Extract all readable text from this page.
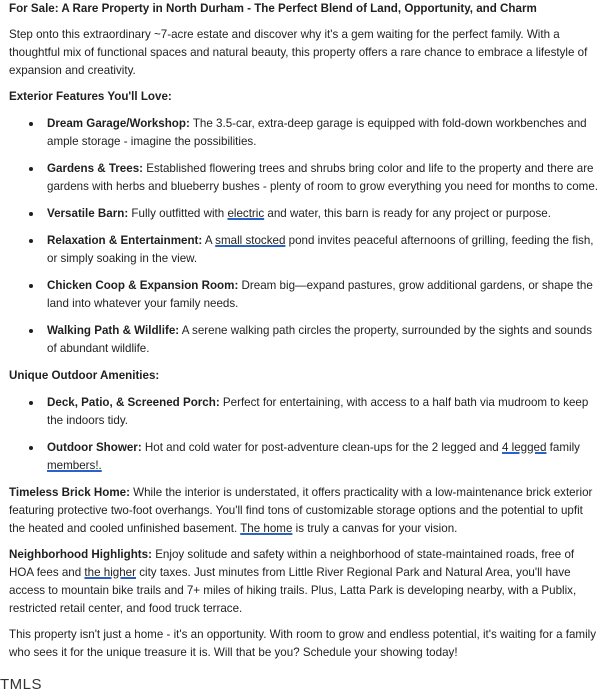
For Sale: A Rare Property in North Durham - The Perfect Blend of Land, Opportunity, and Charm

Step onto this extraordinary ~7-acre estate and discover why it's a gem waiting for the perfect family. With a thoughtful mix of functional spaces and natural beauty, this property offers a rare chance to embrace a lifestyle of expansion and creativity.

Exterior Features You'll Love:
Dream Garage/Workshop: The 3.5-car, extra-deep garage is equipped with fold-down workbenches and ample storage - imagine the possibilities.
Gardens & Trees: Established flowering trees and shrubs bring color and life to the property and there are gardens with herbs and blueberry bushes - plenty of room to grow everything you need for months to come.
Versatile Barn: Fully outfitted with electric and water, this barn is ready for any project or purpose.
Relaxation & Entertainment: A small stocked pond invites peaceful afternoons of grilling, feeding the fish, or simply soaking in the view.
Chicken Coop & Expansion Room: Dream big—expand pastures, grow additional gardens, or shape the land into whatever your family needs.
Walking Path & Wildlife: A serene walking path circles the property, surrounded by the sights and sounds of abundant wildlife.
Unique Outdoor Amenities:
Deck, Patio, & Screened Porch: Perfect for entertaining, with access to a half bath via mudroom to keep the indoors tidy.
Outdoor Shower: Hot and cold water for post-adventure clean-ups for the 2 legged and 4 legged family members!.

Timeless Brick Home: While the interior is understated, it offers practicality with a low-maintenance brick exterior featuring protective two-foot overhangs. You'll find tons of customizable storage options and the potential to upfit the heated and cooled unfinished basement. The home is truly a canvas for your vision.

Neighborhood Highlights: Enjoy solitude and safety within a neighborhood of state-maintained roads, free of HOA fees and the higher city taxes. Just minutes from Little River Regional Park and Natural Area, you'll have access to mountain bike trails and 7+ miles of hiking trails. Plus, Latta Park is developing nearby, with a Publix, restricted retail center, and food truck terrace.

This property isn't just a home - it's an opportunity. With room to grow and endless potential, it's waiting for a family who sees it for the unique treasure it is. Will that be you? Schedule your showing today!

TMLS
